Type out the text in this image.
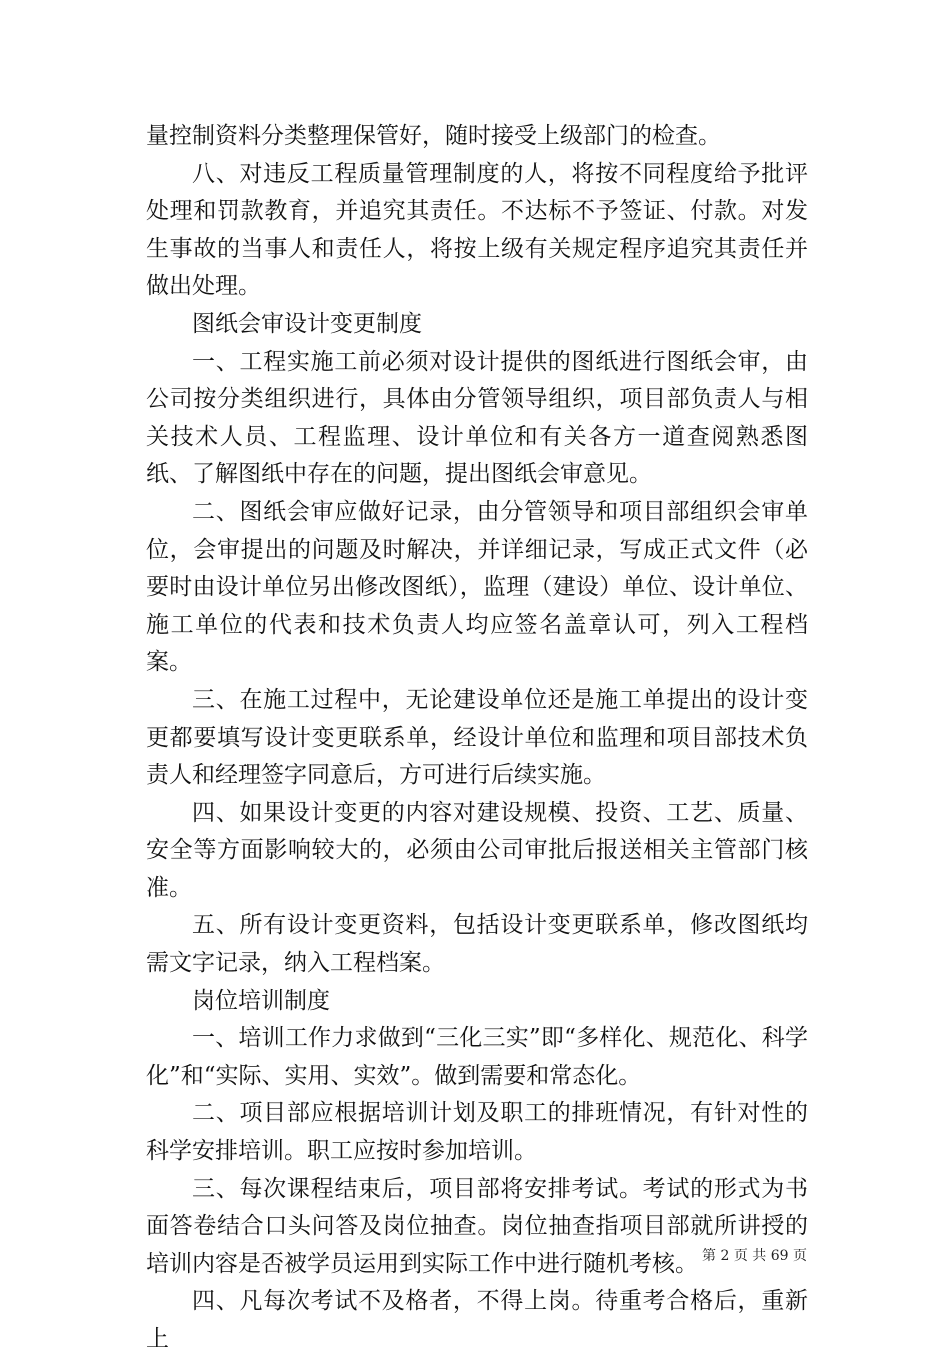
量控制资料分类整理保管好，随时接受上级部门的检查。

八、对违反工程质量管理制度的人，将按不同程度给予批评处理和罚款教育，并追究其责任。不达标不予签证、付款。对发生事故的当事人和责任人，将按上级有关规定程序追究其责任并做出处理。

图纸会审设计变更制度

一、工程实施工前必须对设计提供的图纸进行图纸会审，由公司按分类组织进行，具体由分管领导组织，项目部负责人与相关技术人员、工程监理、设计单位和有关各方一道查阅熟悉图纸、了解图纸中存在的问题，提出图纸会审意见。

二、图纸会审应做好记录，由分管领导和项目部组织会审单位，会审提出的问题及时解决，并详细记录，写成正式文件（必要时由设计单位另出修改图纸），监理（建设）单位、设计单位、施工单位的代表和技术负责人均应签名盖章认可，列入工程档案。

三、在施工过程中，无论建设单位还是施工单提出的设计变更都要填写设计变更联系单，经设计单位和监理和项目部技术负责人和经理签字同意后，方可进行后续实施。

四、如果设计变更的内容对建设规模、投资、工艺、质量、安全等方面影响较大的，必须由公司审批后报送相关主管部门核准。

五、所有设计变更资料，包括设计变更联系单，修改图纸均需文字记录，纳入工程档案。

岗位培训制度

一、培训工作力求做到“三化三实”即“多样化、规范化、科学化”和“实际、实用、实效”。做到需要和常态化。

二、项目部应根据培训计划及职工的排班情况，有针对性的科学安排培训。职工应按时参加培训。

三、每次课程结束后，项目部将安排考试。考试的形式为书面答卷结合口头问答及岗位抽查。岗位抽查指项目部就所讲授的培训内容是否被学员运用到实际工作中进行随机考核。

四、凡每次考试不及格者，不得上岗。待重考合格后，重新上

第 2 页 共 69 页
